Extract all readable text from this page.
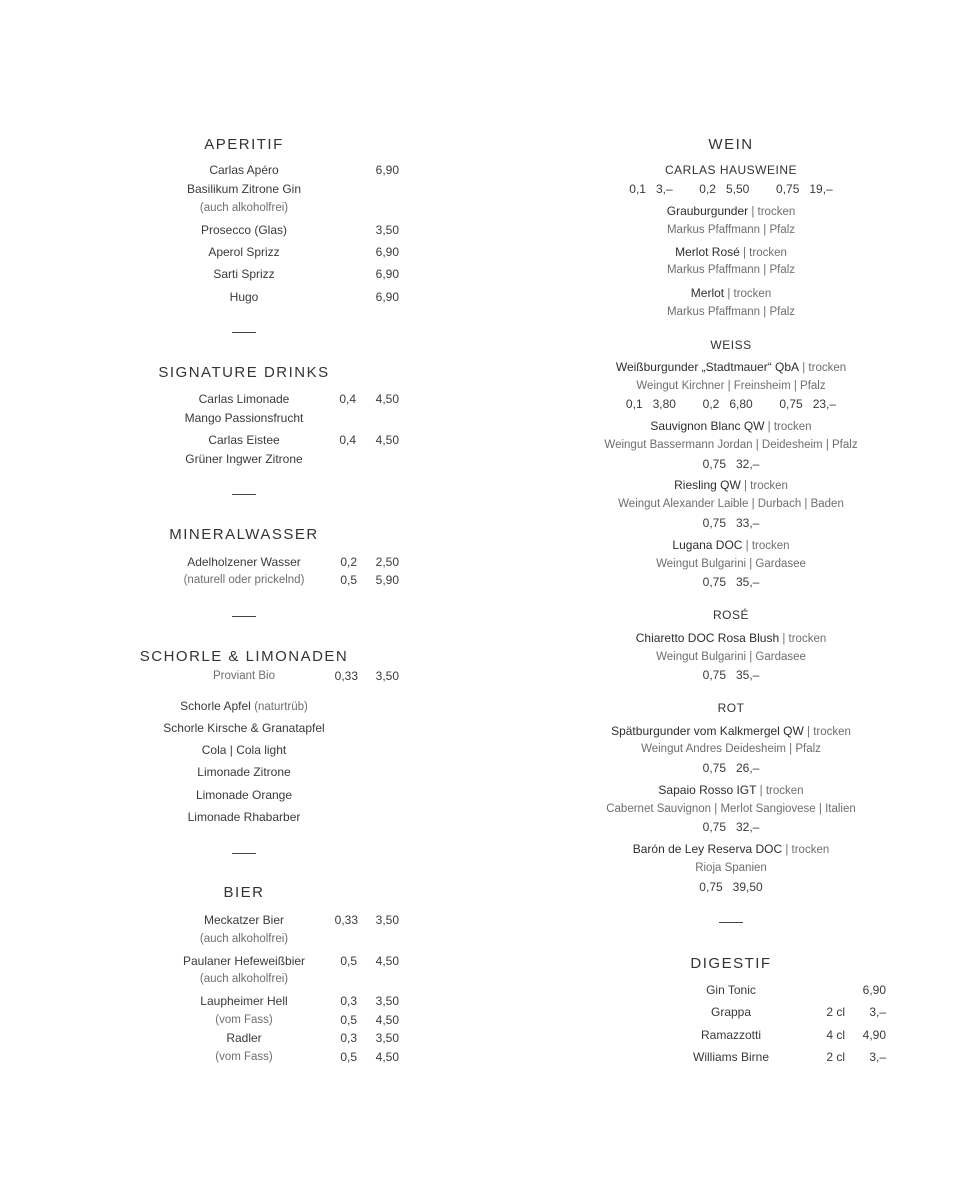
APERITIF
Carlas Apéro	6,90
Basilikum Zitrone Gin
(auch alkoholfrei)
Prosecco (Glas)	3,50
Aperol Sprizz	6,90
Sarti Sprizz	6,90
Hugo	6,90
SIGNATURE DRINKS
Carlas Limonade	0,4 4,50
Mango Passionsfrucht
Carlas Eistee	0,4 4,50
Grüner Ingwer Zitrone
MINERALWASSER
Adelholzener Wasser	0,2 2,50
(naturell oder prickelnd)	0,5 5,90
SCHORLE & LIMONADEN
Proviant Bio	0,33 3,50
Schorle Apfel (naturtrüb)
Schorle Kirsche & Granatapfel
Cola | Cola light
Limonade Zitrone
Limonade Orange
Limonade Rhabarber
BIER
Meckatzer Bier	0,33 3,50
(auch alkoholfrei)
Paulaner Hefeweißbier	0,5 4,50
(auch alkoholfrei)
Laupheimer Hell	0,3 3,50
(vom Fass)	0,5 4,50
Radler	0,3 3,50
(vom Fass)	0,5 4,50
WEIN
CARLAS HAUSWEINE
0,1   3,–        0,2   5,50        0,75   19,–
Grauburgunder | trocken
Markus Pfaffmann | Pfalz
Merlot Rosé | trocken
Markus Pfaffmann | Pfalz
Merlot | trocken
Markus Pfaffmann | Pfalz
WEISS
Weißburgunder „Stadtmauer“ QbA | trocken
Weingut Kirchner | Freinsheim | Pfalz
0,1   3,80        0,2   6,80        0,75   23,–
Sauvignon Blanc QW | trocken
Weingut Bassermann Jordan | Deidesheim | Pfalz
0,75   32,–
Riesling QW | trocken
Weingut Alexander Laible | Durbach | Baden
0,75   33,–
Lugana DOC | trocken
Weingut Bulgarini | Gardasee
0,75   35,–
ROSÉ
Chiaretto DOC Rosa Blush | trocken
Weingut Bulgarini | Gardasee
0,75   35,–
ROT
Spätburgunder vom Kalkmergel QW | trocken
Weingut Andres Deidesheim | Pfalz
0,75   26,–
Sapaio Rosso IGT | trocken
Cabernet Sauvignon | Merlot Sangiovese | Italien
0,75   32,–
Barón de Ley Reserva DOC | trocken
Rioja Spanien
0,75   39,50
DIGESTIF
Gin Tonic	6,90
Grappa	2 cl 3,–
Ramazzotti	4 cl 4,90
Williams Birne	2 cl 3,–
